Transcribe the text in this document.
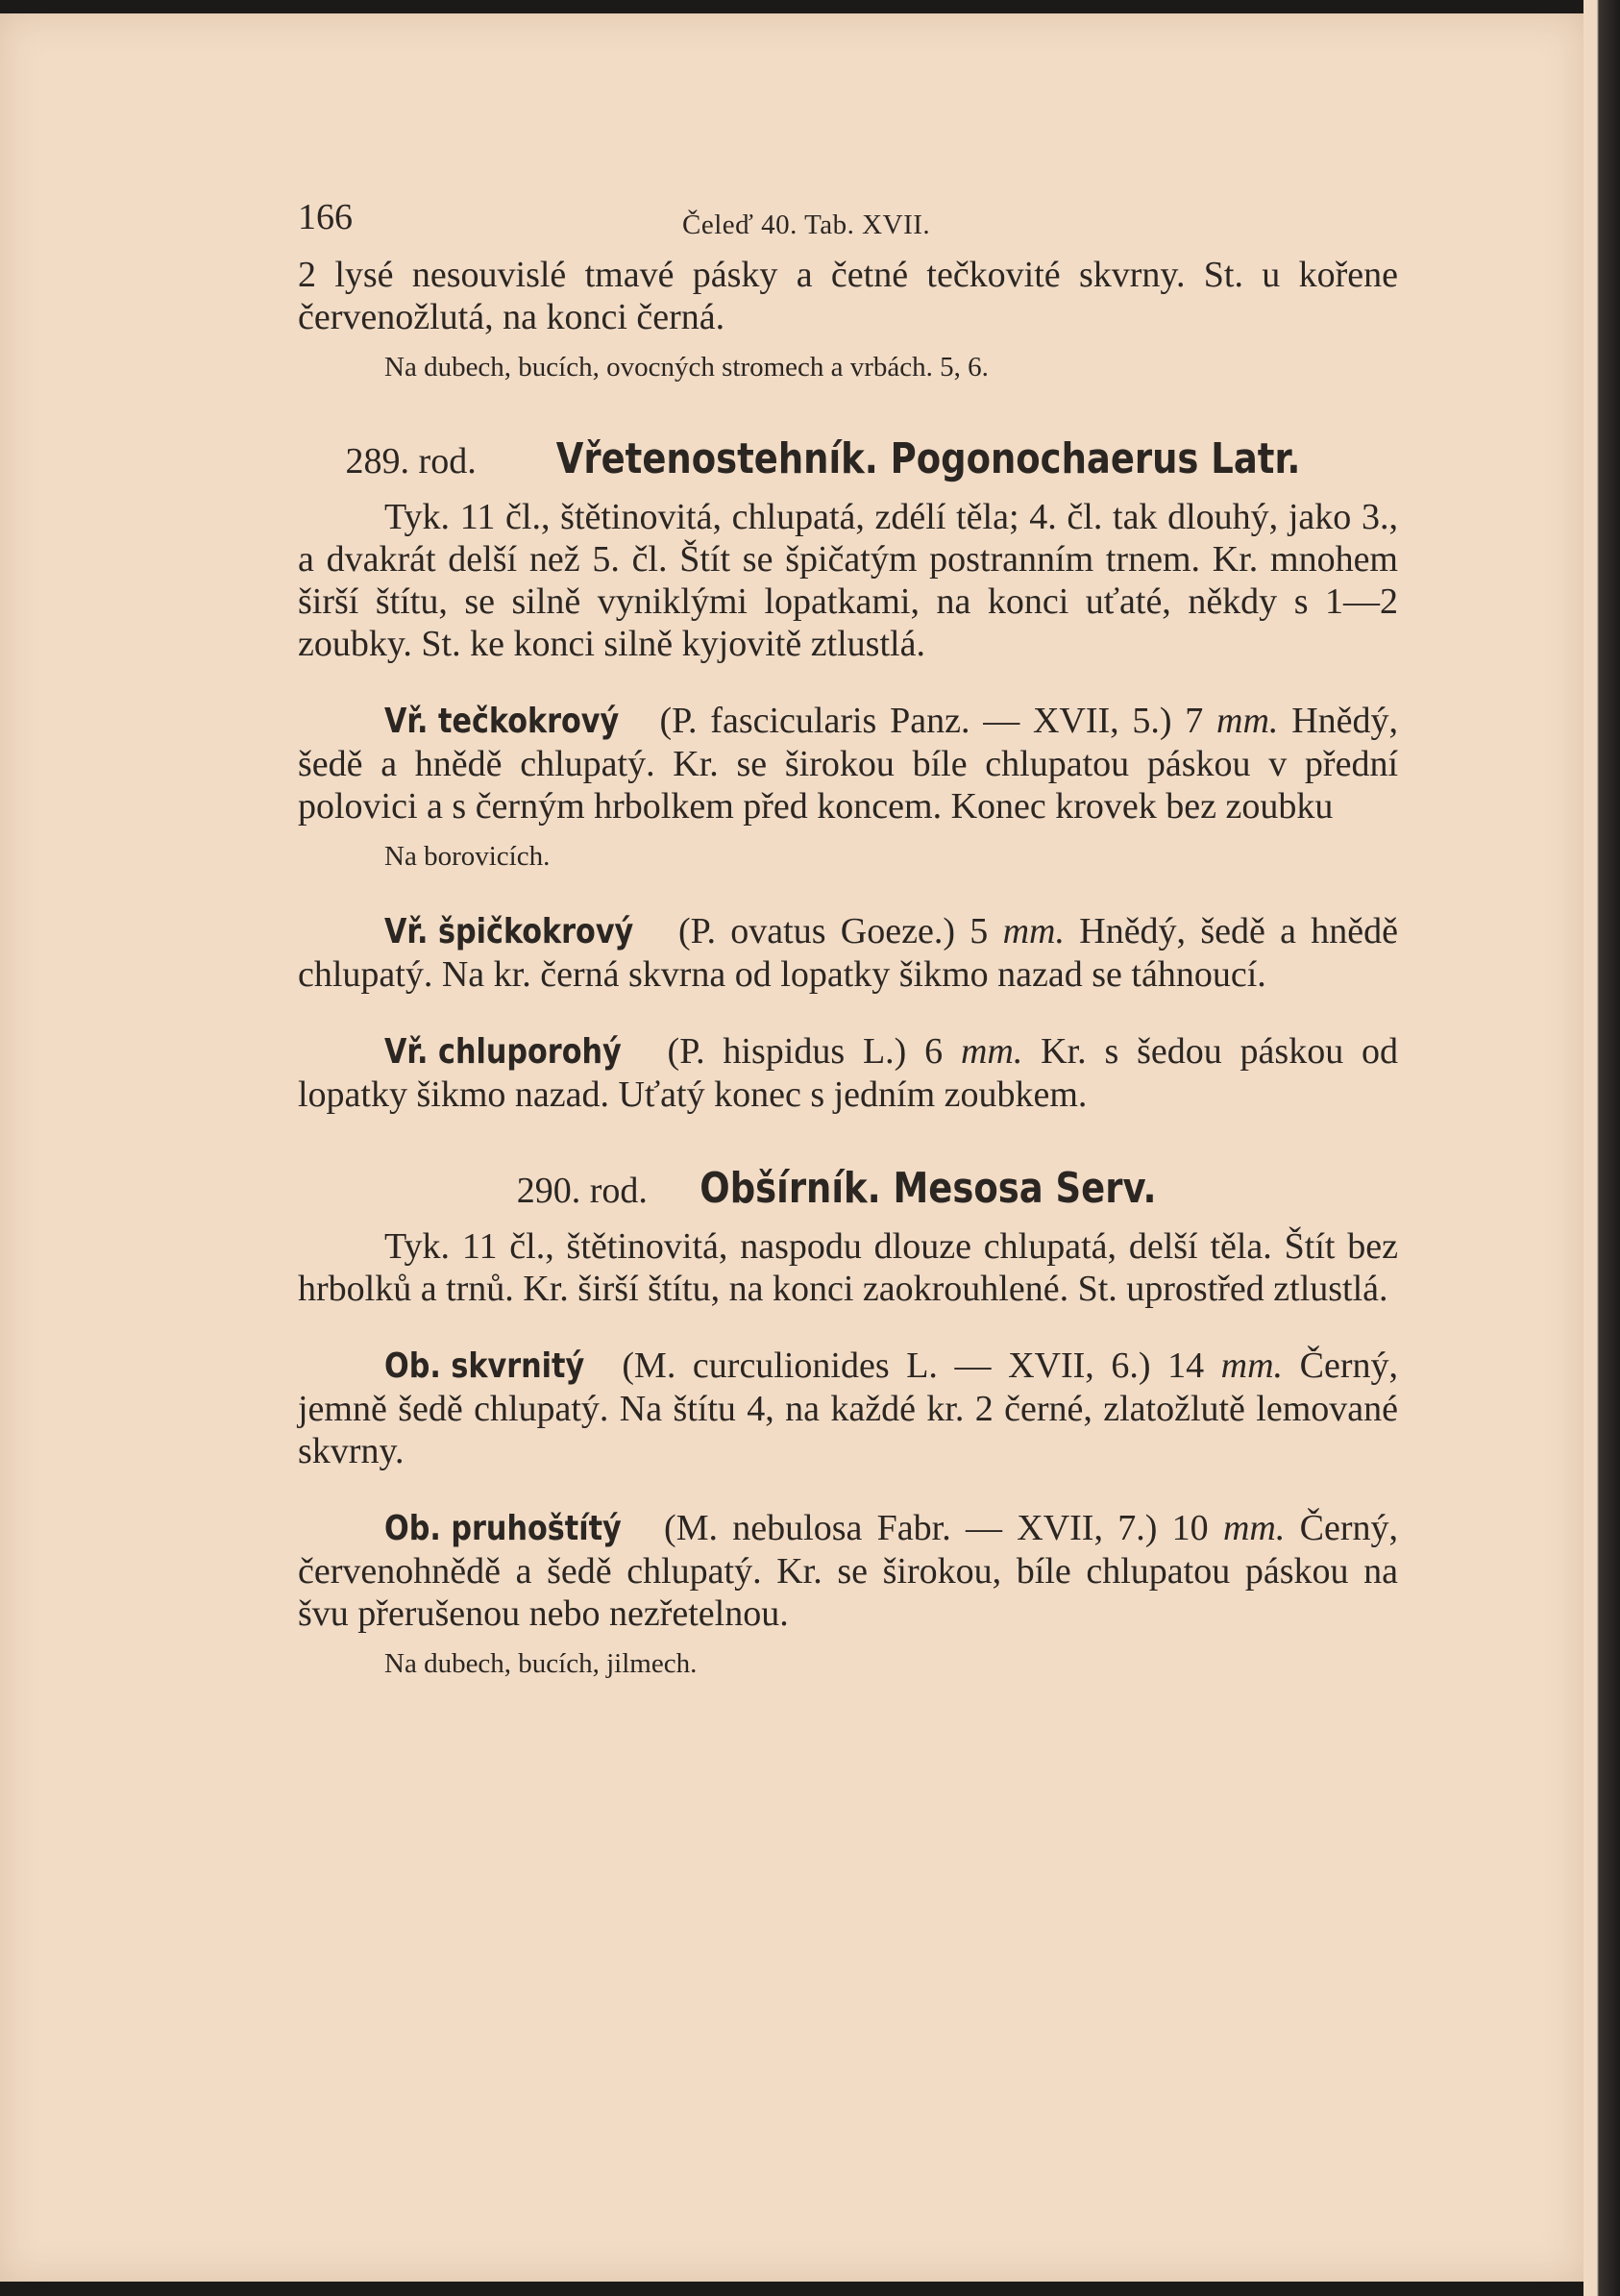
166	Čeleď 40. Tab. XVII.

2 lysé nesouvislé tmavé pásky a četné tečkovité skvrny. St. u kořene červenožlutá, na konci černá.

Na dubech, bucích, ovocných stromech a vrbách. 5, 6.

289. rod. Vřetenostehník. Pogonochaerus Latr.

Tyk. 11 čl., štětinovitá, chlupatá, zdélí těla; 4. čl. tak dlouhý, jako 3., a dvakrát delší než 5. čl. Štít se špičatým postranním trnem. Kr. mnohem širší štítu, se silně vyniklými lopatkami, na konci uťaté, někdy s 1—2 zoubky. St. ke konci silně kyjovitě ztlustlá.

Vř. tečkokrový (P. fascicularis Panz. — XVII, 5.) 7 mm. Hnědý, šedě a hnědě chlupatý. Kr. se širokou bíle chlupatou páskou v přední polovici a s černým hrbolkem před koncem. Konec krovek bez zoubku

Na borovicích.

Vř. špičkokrový (P. ovatus Goeze.) 5 mm. Hnědý, šedě a hnědě chlupatý. Na kr. černá skvrna od lopatky šikmo nazad se táhnoucí.

Vř. chluporohý (P. hispidus L.) 6 mm. Kr. s šedou páskou od lopatky šikmo nazad. Uťatý konec s jedním zoubkem.

290. rod. Obšírník. Mesosa Serv.

Tyk. 11 čl., štětinovitá, naspodu dlouze chlupatá, delší těla. Štít bez hrbolků a trnů. Kr. širší štítu, na konci zaokrouhlené. St. uprostřed ztlustlá.

Ob. skvrnitý (M. curculionides L. — XVII, 6.) 14 mm. Černý, jemně šedě chlupatý. Na štítu 4, na každé kr. 2 černé, zlatožlutě lemované skvrny.

Ob. pruhoštítý (M. nebulosa Fabr. — XVII, 7.) 10 mm. Černý, červenohnědě a šedě chlupatý. Kr. se širokou, bíle chlupatou páskou na švu přerušenou nebo nezřetelnou.

Na dubech, bucích, jilmech.
